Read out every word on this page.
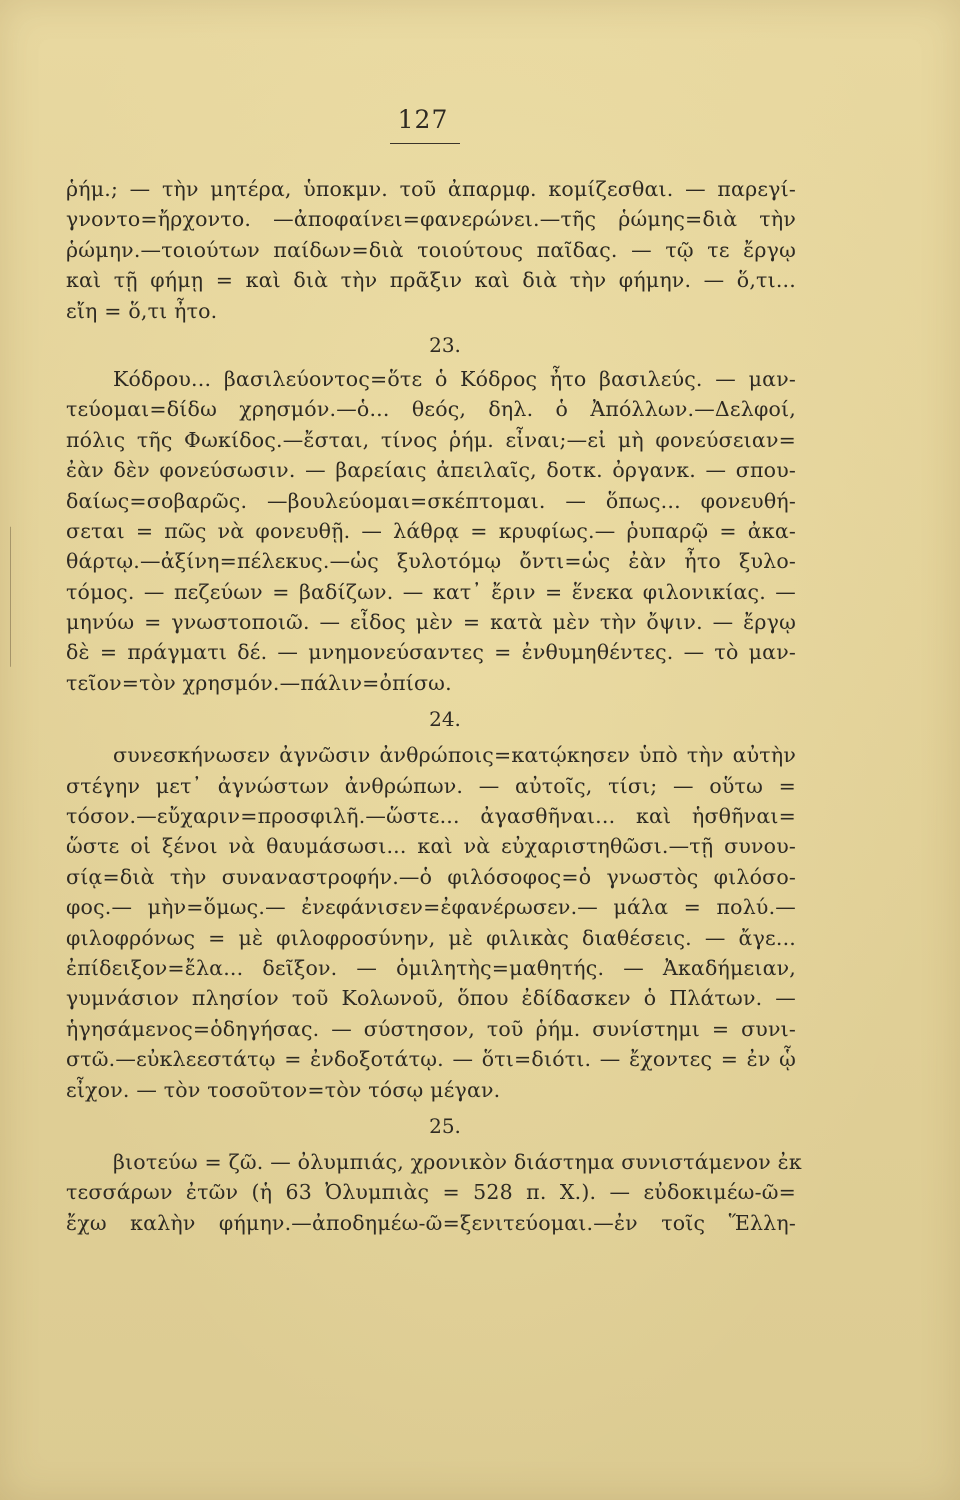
127
ῥήμ.; — τὴν μητέρα, ὑποκμν. τοῦ ἀπαρμφ. κομίζεσθαι. — παρεγί-
γνοντο=ἤρχοντο. —ἀποφαίνει=φανερώνει.—τῆς ῥώμης=διὰ τὴν
ῥώμην.—τοιούτων παίδων=διὰ τοιούτους παῖδας. — τῷ τε ἔργῳ
καὶ τῇ φήμῃ = καὶ διὰ τὴν πρᾶξιν καὶ διὰ τὴν φήμην. — ὅ,τι...
εἴη = ὅ,τι ἦτο.
23.
Κόδρου... βασιλεύοντος=ὅτε ὁ Κόδρος ἦτο βασιλεύς. — μαν-
τεύομαι=δίδω χρησμόν.—ὁ... θεός, δηλ. ὁ Ἀπόλλων.—Δελφοί,
πόλις τῆς Φωκίδος.—ἔσται, τίνος ῥήμ. εἶναι;—εἰ μὴ φονεύσειαν=
ἐὰν δὲν φονεύσωσιν. — βαρείαις ἀπειλαῖς, δοτκ. ὀργανκ. — σπου-
δαίως=σοβαρῶς. —βουλεύομαι=σκέπτομαι. — ὅπως... φονευθή-
σεται = πῶς νὰ φονευθῇ. — λάθρᾳ = κρυφίως.— ῥυπαρῷ = ἀκα-
θάρτῳ.—ἀξίνη=πέλεκυς.—ὡς ξυλοτόμῳ ὄντι=ὡς ἐὰν ἦτο ξυλο-
τόμος. — πεζεύων = βαδίζων. — κατ᾽ ἔριν = ἕνεκα φιλονικίας. —
μηνύω = γνωστοποιῶ. — εἶδος μὲν = κατὰ μὲν τὴν ὄψιν. — ἔργῳ
δὲ = πράγματι δέ. — μνημονεύσαντες = ἐνθυμηθέντες. — τὸ μαν-
τεῖον=τὸν χρησμόν.—πάλιν=ὀπίσω.
24.
συνεσκήνωσεν ἀγνῶσιν ἀνθρώποις=κατῴκησεν ὑπὸ τὴν αὐτὴν
στέγην μετ᾽ ἀγνώστων ἀνθρώπων. — αὐτοῖς, τίσι; — οὕτω =
τόσον.—εὔχαριν=προσφιλῆ.—ὥστε... ἀγασθῆναι... καὶ ἡσθῆναι=
ὥστε οἱ ξένοι νὰ θαυμάσωσι... καὶ νὰ εὐχαριστηθῶσι.—τῇ συνου-
σίᾳ=διὰ τὴν συναναστροφήν.—ὁ φιλόσοφος=ὁ γνωστὸς φιλόσο-
φος.— μὴν=ὅμως.— ἐνεφάνισεν=ἐφανέρωσεν.— μάλα = πολύ.—
φιλοφρόνως = μὲ φιλοφροσύνην, μὲ φιλικὰς διαθέσεις. — ἄγε...
ἐπίδειξον=ἔλα... δεῖξον. — ὁμιλητὴς=μαθητής. — Ἀκαδήμειαν,
γυμνάσιον πλησίον τοῦ Κολωνοῦ, ὅπου ἐδίδασκεν ὁ Πλάτων. —
ἡγησάμενος=ὁδηγήσας. — σύστησον, τοῦ ῥήμ. συνίστημι = συνι-
στῶ.—εὐκλεεστάτῳ = ἐνδοξοτάτῳ. — ὅτι=διότι. — ἔχοντες = ἐν ᾧ
εἶχον. — τὸν τοσοῦτον=τὸν τόσῳ μέγαν.
25.
βιοτεύω = ζῶ. — ὀλυμπιάς, χρονικὸν διάστημα συνιστάμενον ἐκ
τεσσάρων ἐτῶν (ἡ 63 Ὀλυμπιὰς = 528 π. Χ.). — εὐδοκιμέω-ῶ=
ἔχω καλὴν φήμην.—ἀποδημέω-ῶ=ξενιτεύομαι.—ἐν τοῖς Ἕλλη-
